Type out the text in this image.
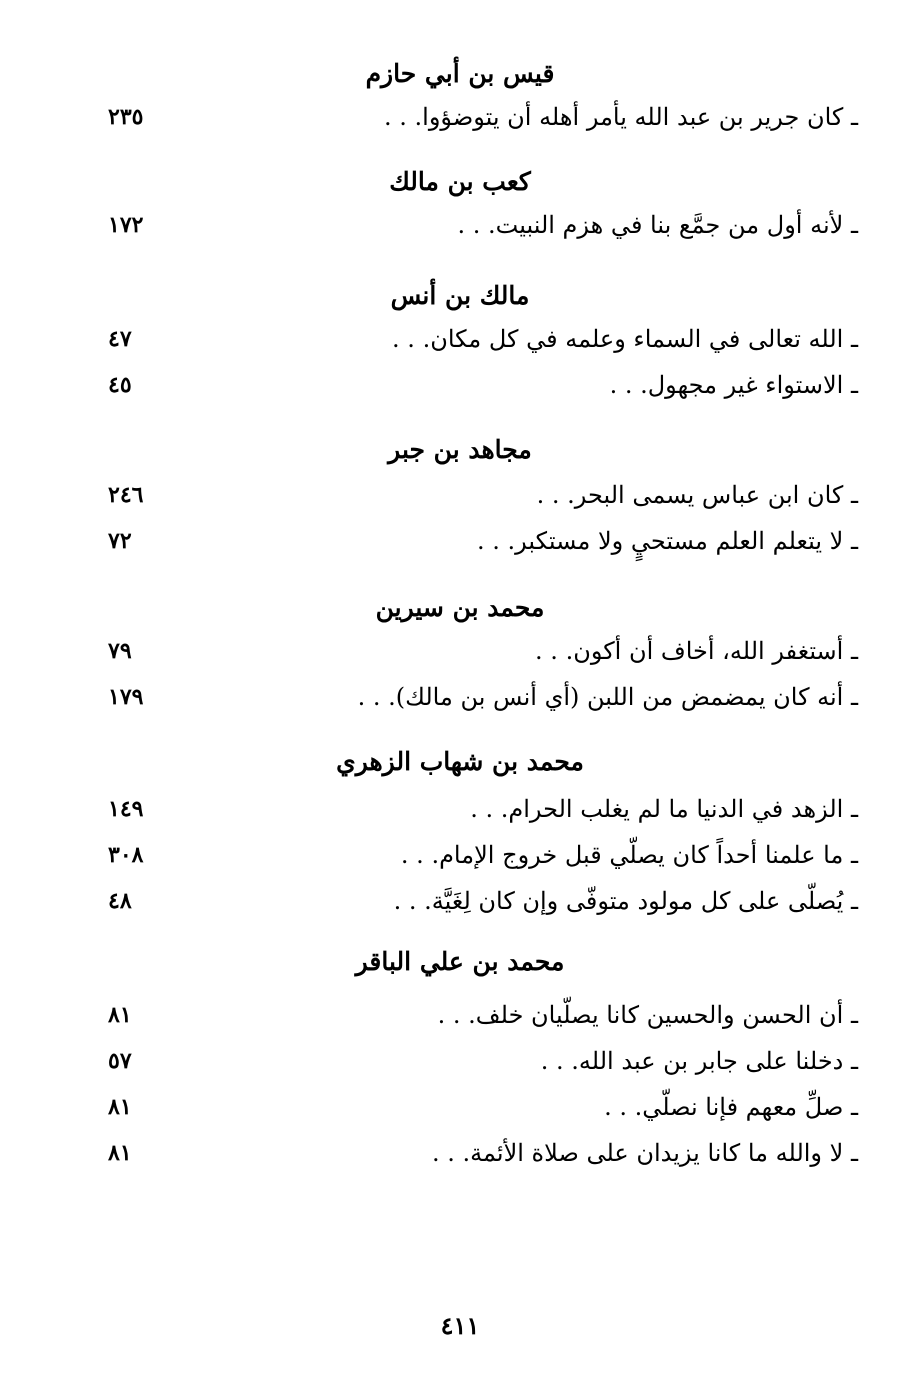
قيس بن أبي حازم
ـ كان جرير بن عبد الله يأمر أهله أن يتوضؤوا. . .
٢٣٥
كعب بن مالك
ـ لأنه أول من جمَّع بنا في هزم النبيت. . .
١٧٢
مالك بن أنس
ـ الله تعالى في السماء وعلمه في كل مكان. . .
٤٧
ـ الاستواء غير مجهول. . .
٤٥
مجاهد بن جبر
ـ كان ابن عباس يسمى البحر. . .
٢٤٦
ـ لا يتعلم العلم مستحيٍ ولا مستكبر. . .
٧٢
محمد بن سيرين
ـ أستغفر الله، أخاف أن أكون. . .
٧٩
ـ أنه كان يمضمض من اللبن (أي أنس بن مالك). . .
١٧٩
محمد بن شهاب الزهري
ـ الزهد في الدنيا ما لم يغلب الحرام. . .
١٤٩
ـ ما علمنا أحداً كان يصلّي قبل خروج الإمام. . .
٣٠٨
ـ يُصلّى على كل مولود متوفّى وإن كان لِغَيَّة. . .
٤٨
محمد بن علي الباقر
ـ أن الحسن والحسين كانا يصلّيان خلف. . .
٨١
ـ دخلنا على جابر بن عبد الله. . .
٥٧
ـ صلِّ معهم فإنا نصلّي. . .
٨١
ـ لا والله ما كانا يزيدان على صلاة الأئمة. . .
٨١
٤١١
